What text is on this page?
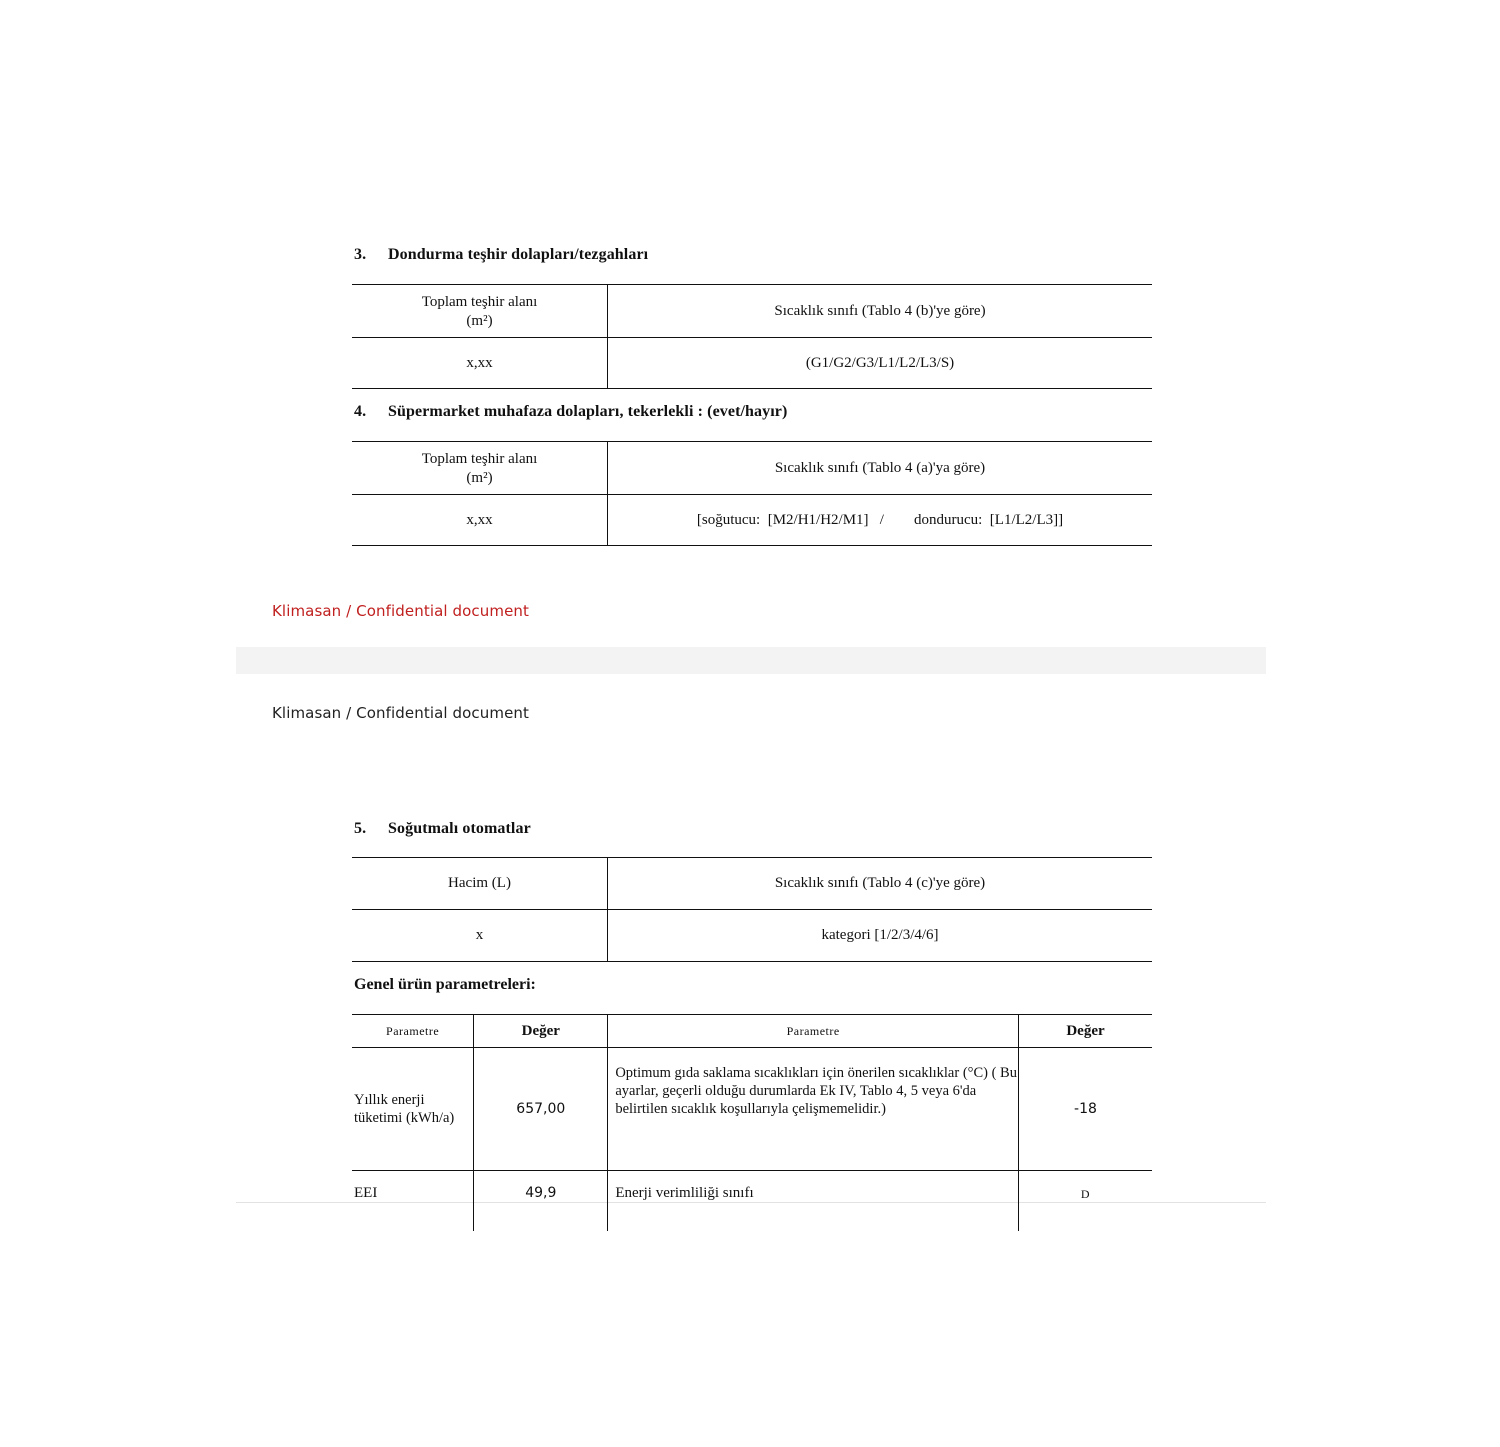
3. Dondurma teşhir dolapları/tezgahları
Toplam teşhir alanı
(m²)	Sıcaklık sınıfı (Tablo 4 (b)'ye göre)
x,xx	(G1/G2/G3/L1/L2/L3/S)
4. Süpermarket muhafaza dolapları, tekerlekli : (evet/hayır)
Toplam teşhir alanı
(m²)	Sıcaklık sınıfı (Tablo 4 (a)'ya göre)
x,xx	[soğutucu:  [M2/H1/H2/M1]   /        dondurucu:  [L1/L2/L3]]
Klimasan / Confidential document
Klimasan / Confidential document
5. Soğutmalı otomatlar
Hacim (L)	Sıcaklık sınıfı (Tablo 4 (c)'ye göre)
x	kategori [1/2/3/4/6]
Genel ürün parametreleri:
Parametre	Değer	Parametre	Değer
Yıllık enerji tüketimi (kWh/a)	657,00	Optimum gıda saklama sıcaklıkları için önerilen sıcaklıklar (°C) ( Bu ayarlar, geçerli olduğu durumlarda Ek IV, Tablo 4, 5 veya 6'da belirtilen sıcaklık koşullarıyla çelişmemelidir.)	-18
EEI	49,9	Enerji verimliliği sınıfı	D
